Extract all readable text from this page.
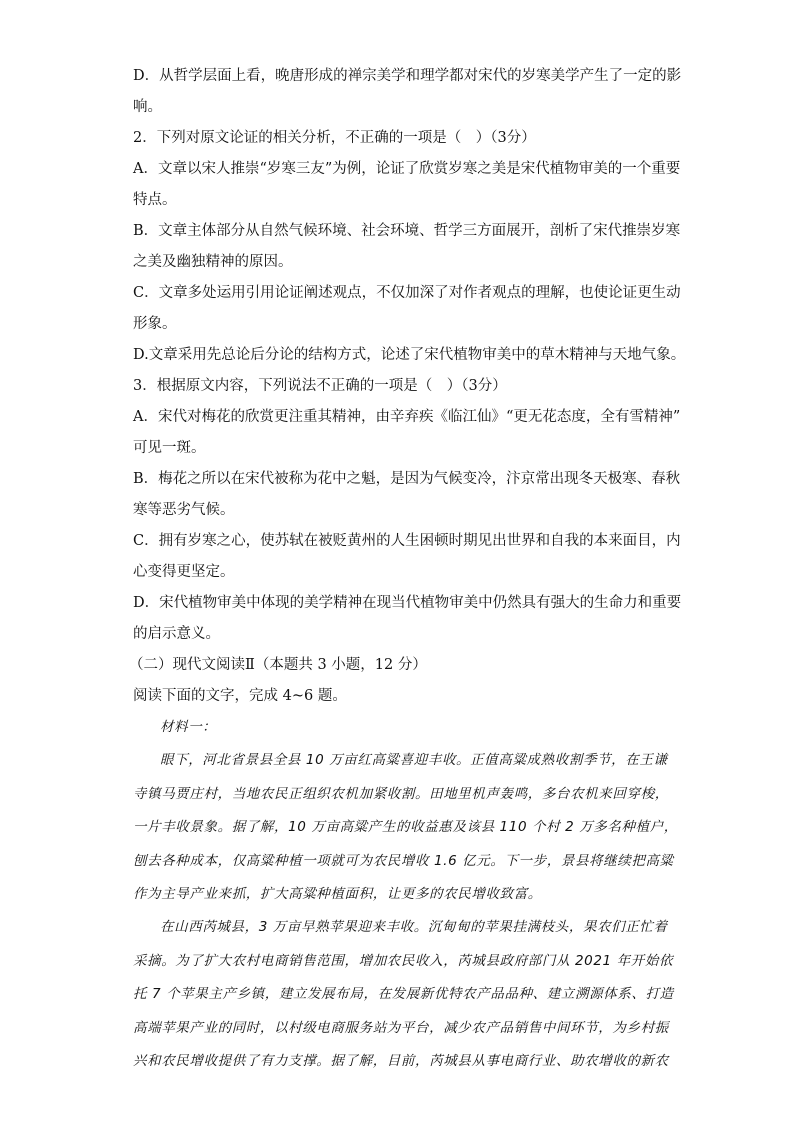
D．从哲学层面上看，晚唐形成的禅宗美学和理学都对宋代的岁寒美学产生了一定的影
响。
2．下列对原文论证的相关分析，不正确的一项是（　）（3分）
A．文章以宋人推崇“岁寒三友”为例，论证了欣赏岁寒之美是宋代植物审美的一个重要
特点。
B．文章主体部分从自然气候环境、社会环境、哲学三方面展开，剖析了宋代推崇岁寒
之美及幽独精神的原因。
C．文章多处运用引用论证阐述观点，不仅加深了对作者观点的理解，也使论证更生动
形象。
D.文章采用先总论后分论的结构方式，论述了宋代植物审美中的草木精神与天地气象。
3．根据原文内容，下列说法不正确的一项是（　）（3分）
A．宋代对梅花的欣赏更注重其精神，由辛弃疾《临江仙》“更无花态度，全有雪精神”
可见一斑。
B．梅花之所以在宋代被称为花中之魁，是因为气候变冷，汴京常出现冬天极寒、春秋
寒等恶劣气候。
C．拥有岁寒之心，使苏轼在被贬黄州的人生困顿时期见出世界和自我的本来面目，内
心变得更坚定。
D．宋代植物审美中体现的美学精神在现当代植物审美中仍然具有强大的生命力和重要
的启示意义。
（二）现代文阅读Ⅱ（本题共 3 小题，12 分）
阅读下面的文字，完成 4~6 题。
材料一：
眼下，河北省景县全县 10 万亩红高粱喜迎丰收。正值高粱成熟收割季节，在王谦
寺镇马贾庄村，当地农民正组织农机加紧收割。田地里机声轰鸣，多台农机来回穿梭，
一片丰收景象。据了解，10 万亩高粱产生的收益惠及该县 110 个村 2 万多名种植户，
刨去各种成本，仅高粱种植一项就可为农民增收 1.6 亿元。下一步，景县将继续把高粱
作为主导产业来抓，扩大高粱种植面积，让更多的农民增收致富。
在山西芮城县，3 万亩早熟苹果迎来丰收。沉甸甸的苹果挂满枝头，果农们正忙着
采摘。为了扩大农村电商销售范围，增加农民收入，芮城县政府部门从 2021 年开始依
托 7 个苹果主产乡镇，建立发展布局，在发展新优特农产品品种、建立溯源体系、打造
高端苹果产业的同时，以村级电商服务站为平台，减少农产品销售中间环节，为乡村振
兴和农民增收提供了有力支撑。据了解，目前，芮城县从事电商行业、助农增收的新农
